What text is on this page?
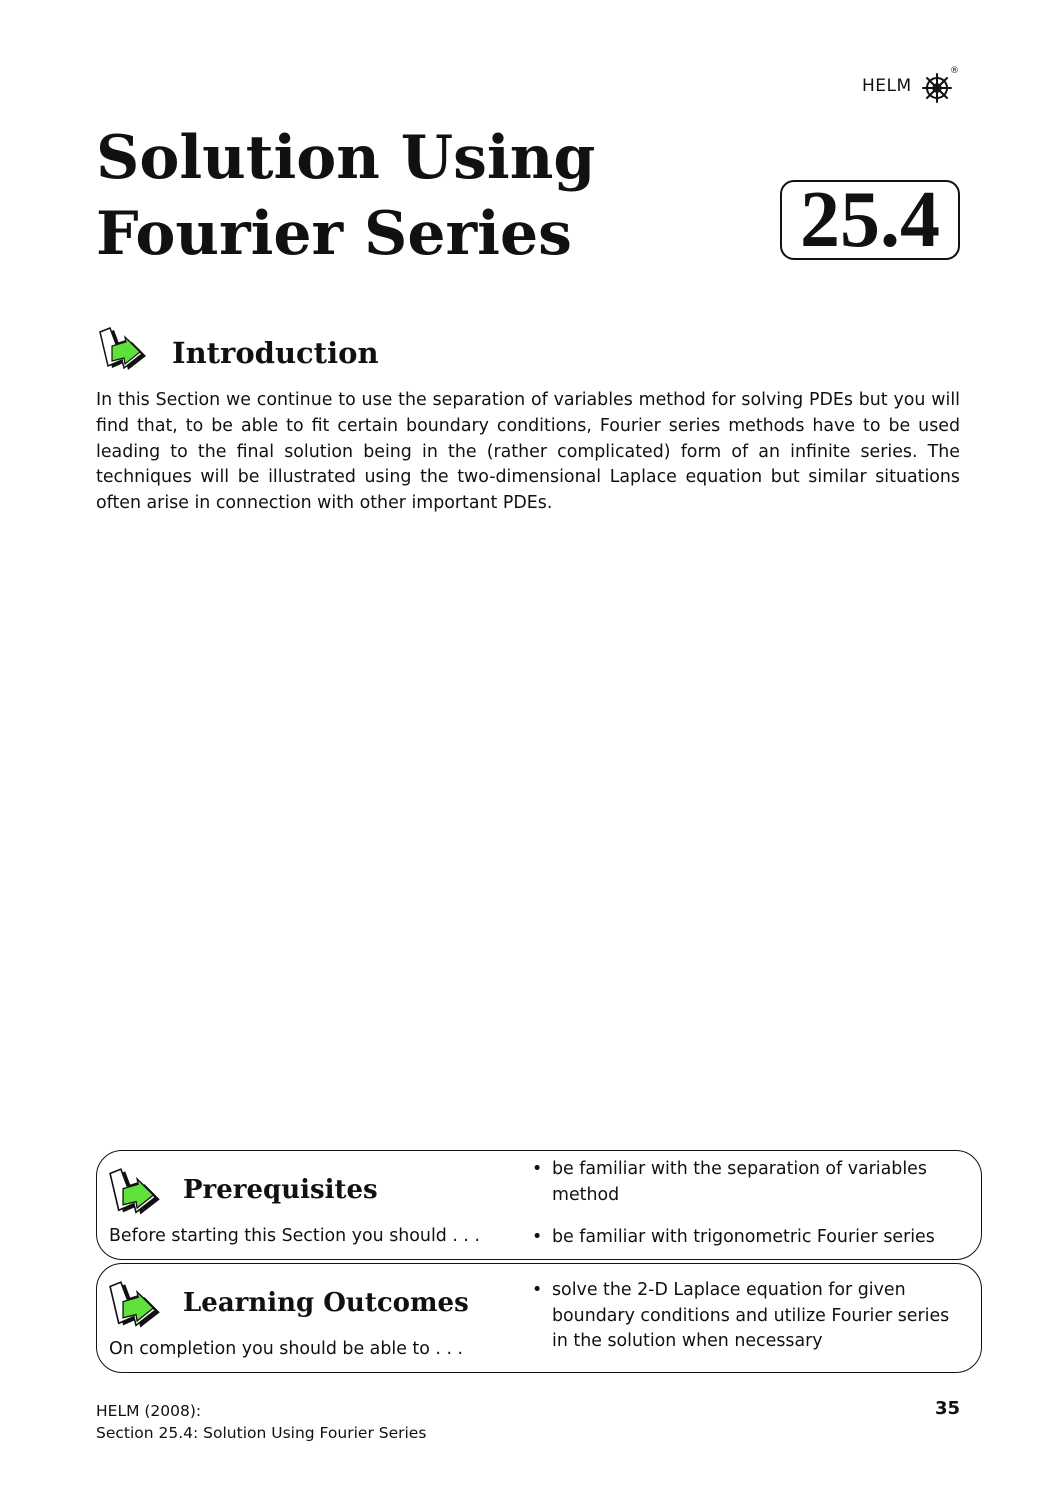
HELM
®
Solution Using
Fourier Series	25.4
Introduction

In this Section we continue to use the separation of variables method for solving PDEs but you will find that, to be able to fit certain boundary conditions, Fourier series methods have to be used leading to the final solution being in the (rather complicated) form of an infinite series. The techniques will be illustrated using the two-dimensional Laplace equation but similar situations often arise in connection with other important PDEs.

Prerequisites
Before starting this Section you should . . .
• be familiar with the separation of variables method
• be familiar with trigonometric Fourier series
Learning Outcomes
On completion you should be able to . . .
• solve the 2-D Laplace equation for given boundary conditions and utilize Fourier series in the solution when necessary
HELM (2008):
Section 25.4: Solution Using Fourier Series
35
